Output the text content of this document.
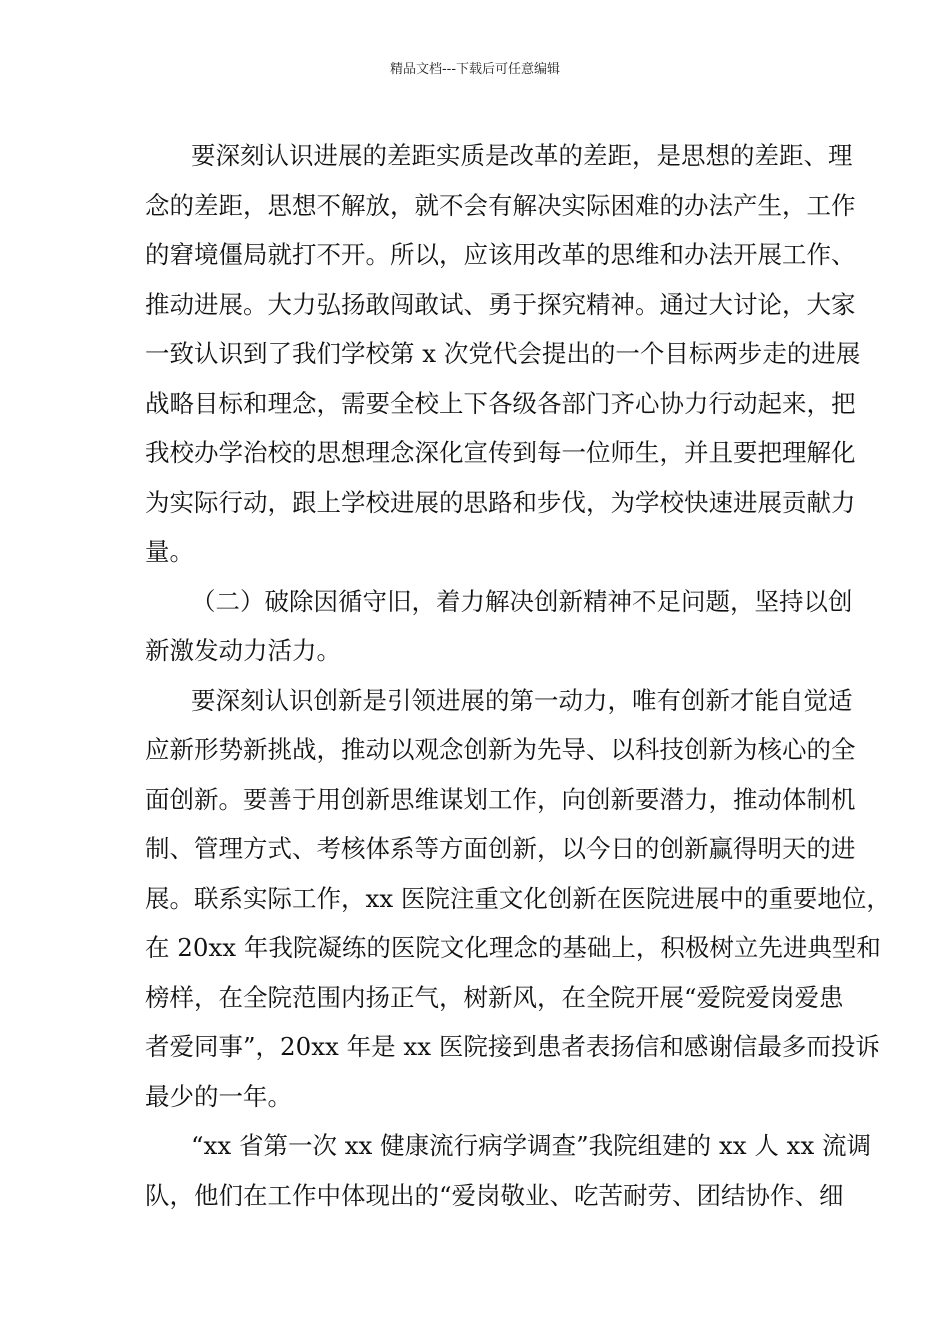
精品文档---下载后可任意编辑
要深刻认识进展的差距实质是改革的差距，是思想的差距、理
念的差距，思想不解放，就不会有解决实际困难的办法产生，工作
的窘境僵局就打不开。所以，应该用改革的思维和办法开展工作、
推动进展。大力弘扬敢闯敢试、勇于探究精神。通过大讨论，大家
一致认识到了我们学校第 x 次党代会提出的一个目标两步走的进展
战略目标和理念，需要全校上下各级各部门齐心协力行动起来，把
我校办学治校的思想理念深化宣传到每一位师生，并且要把理解化
为实际行动，跟上学校进展的思路和步伐，为学校快速进展贡献力
量。
（二）破除因循守旧，着力解决创新精神不足问题，坚持以创
新激发动力活力。
要深刻认识创新是引领进展的第一动力，唯有创新才能自觉适
应新形势新挑战，推动以观念创新为先导、以科技创新为核心的全
面创新。要善于用创新思维谋划工作，向创新要潜力，推动体制机
制、管理方式、考核体系等方面创新，以今日的创新赢得明天的进
展。联系实际工作，xx 医院注重文化创新在医院进展中的重要地位，
在 20xx 年我院凝练的医院文化理念的基础上，积极树立先进典型和
榜样，在全院范围内扬正气，树新风，在全院开展“爱院爱岗爱患
者爱同事”，20xx 年是 xx 医院接到患者表扬信和感谢信最多而投诉
最少的一年。
“xx 省第一次 xx 健康流行病学调查”我院组建的 xx 人 xx 流调
队，他们在工作中体现出的“爱岗敬业、吃苦耐劳、团结协作、细
